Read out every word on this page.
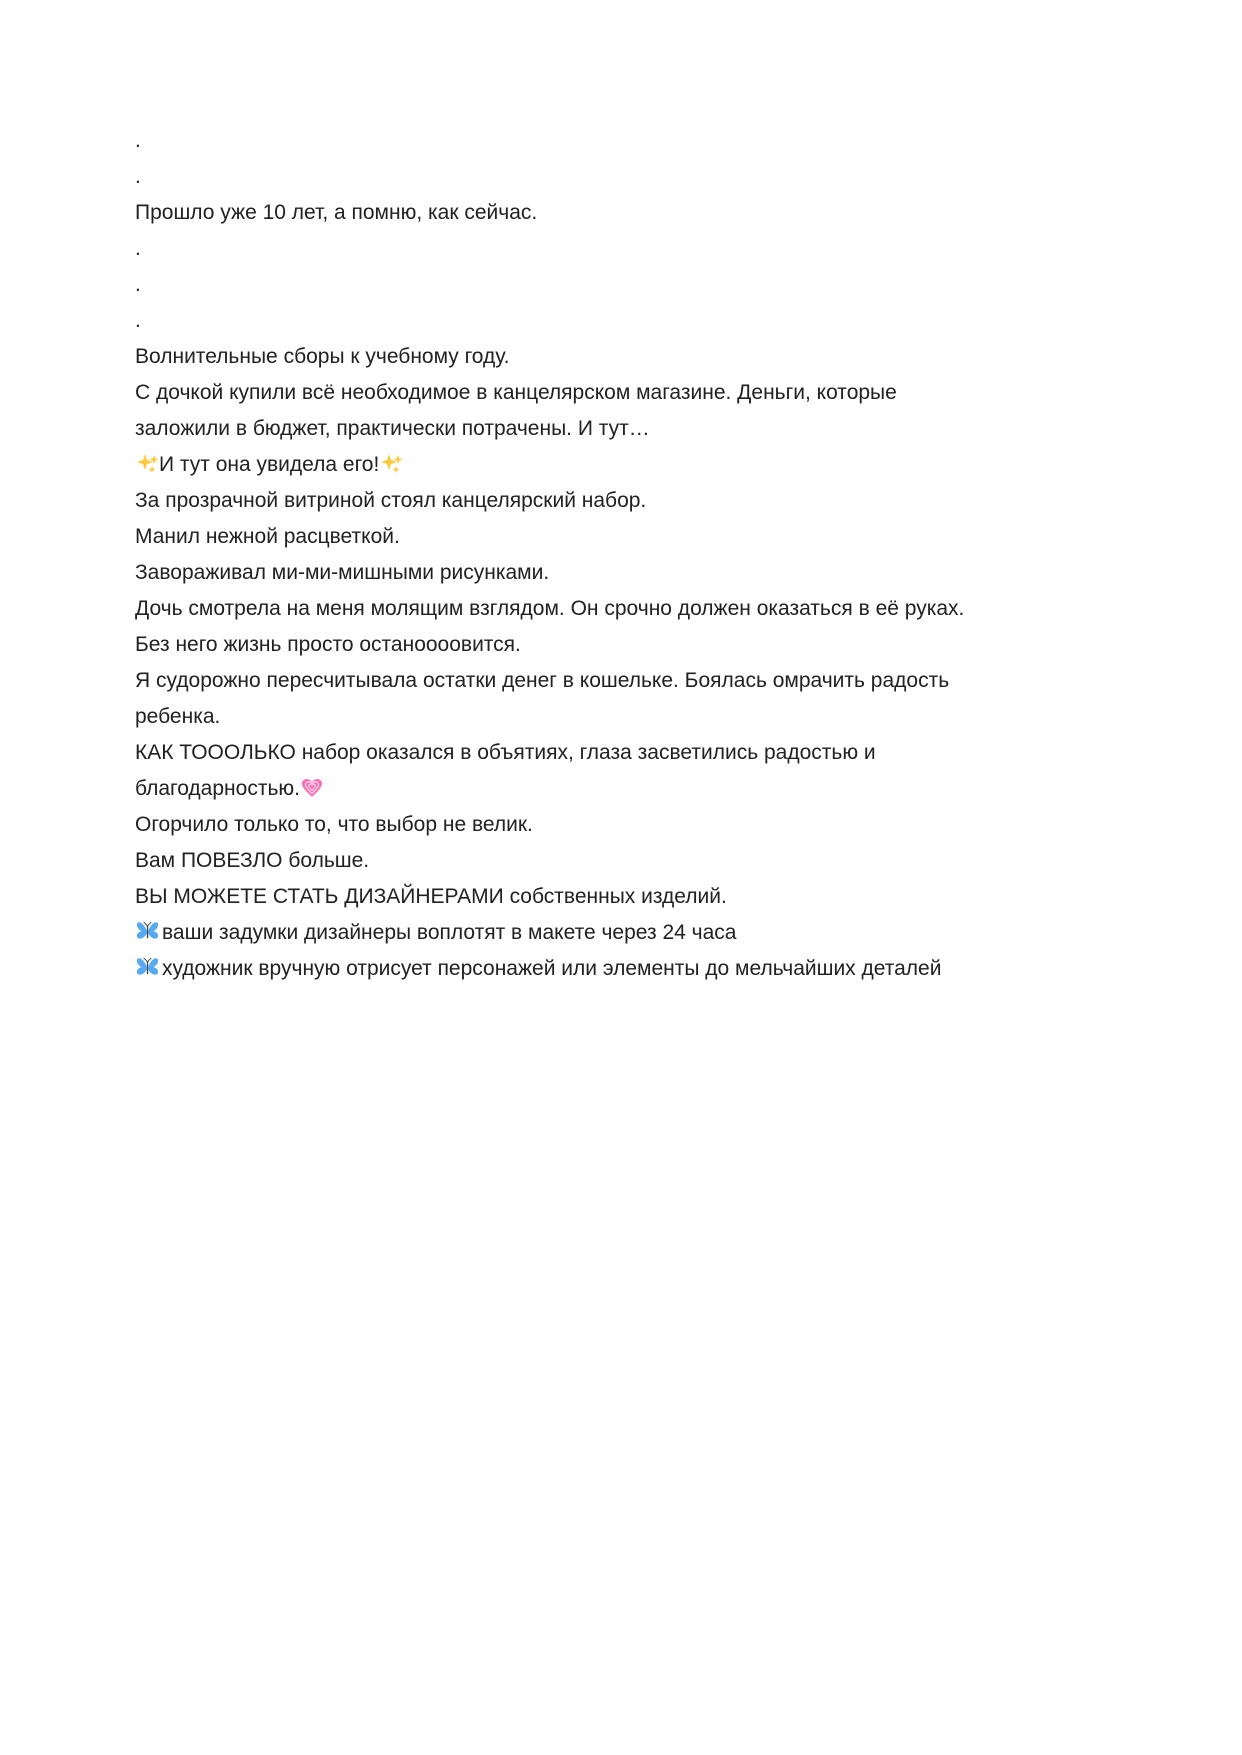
.

.

Прошло уже 10 лет, а помню, как сейчас.

.

.

.

Волнительные сборы к учебному году.

С дочкой купили всё необходимое в канцелярском магазине. Деньги, которые заложили в бюджет, практически потрачены. И тут…

И тут она увидела его!

За прозрачной витриной стоял канцелярский набор.

Манил нежной расцветкой.

Завораживал ми-ми-мишными рисунками.

Дочь смотрела на меня молящим взглядом. Он срочно должен оказаться в её руках. Без него жизнь просто останоооовится.

Я судорожно пересчитывала остатки денег в кошельке. Боялась омрачить радость ребенка.

КАК ТОООЛЬКО набор оказался в объятиях, глаза засветились радостью и благодарностью.

Огорчило только то, что выбор не велик.

Вам ПОВЕЗЛО больше.

ВЫ МОЖЕТЕ СТАТЬ ДИЗАЙНЕРАМИ собственных изделий.

ваши задумки дизайнеры воплотят в макете через 24 часа

художник вручную отрисует персонажей или элементы до мельчайших деталей
